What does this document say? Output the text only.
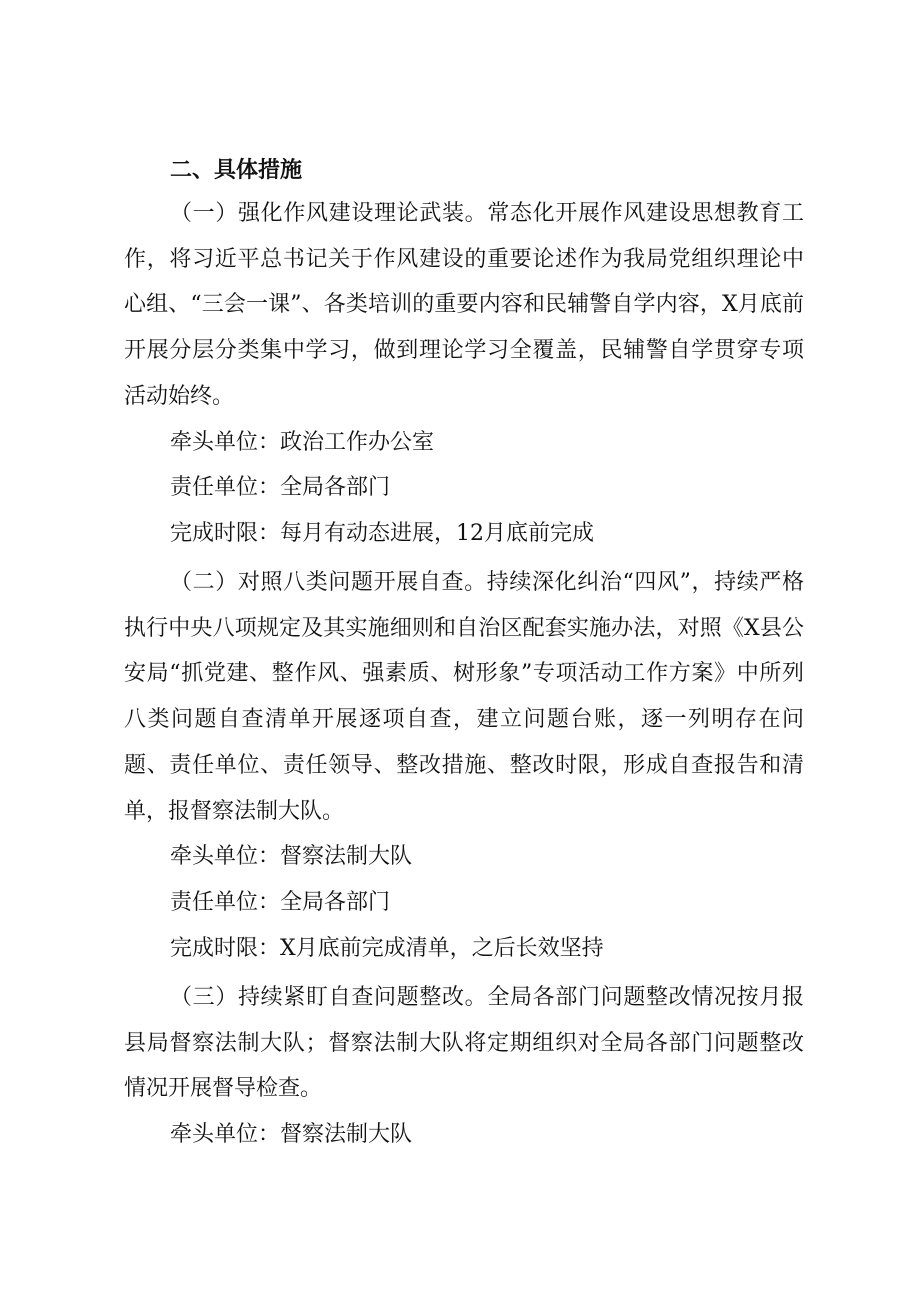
二、具体措施

（一）强化作风建设理论武装。常态化开展作风建设思想教育工作，将习近平总书记关于作风建设的重要论述作为我局党组织理论中心组、“三会一课”、各类培训的重要内容和民辅警自学内容，X月底前开展分层分类集中学习，做到理论学习全覆盖，民辅警自学贯穿专项活动始终。

牵头单位：政治工作办公室

责任单位：全局各部门

完成时限：每月有动态进展，12月底前完成

（二）对照八类问题开展自查。持续深化纠治“四风”，持续严格执行中央八项规定及其实施细则和自治区配套实施办法，对照《X县公安局“抓党建、整作风、强素质、树形象”专项活动工作方案》中所列八类问题自查清单开展逐项自查，建立问题台账，逐一列明存在问题、责任单位、责任领导、整改措施、整改时限，形成自查报告和清单，报督察法制大队。

牵头单位：督察法制大队

责任单位：全局各部门

完成时限：X月底前完成清单，之后长效坚持

（三）持续紧盯自查问题整改。全局各部门问题整改情况按月报县局督察法制大队；督察法制大队将定期组织对全局各部门问题整改情况开展督导检查。

牵头单位：督察法制大队
